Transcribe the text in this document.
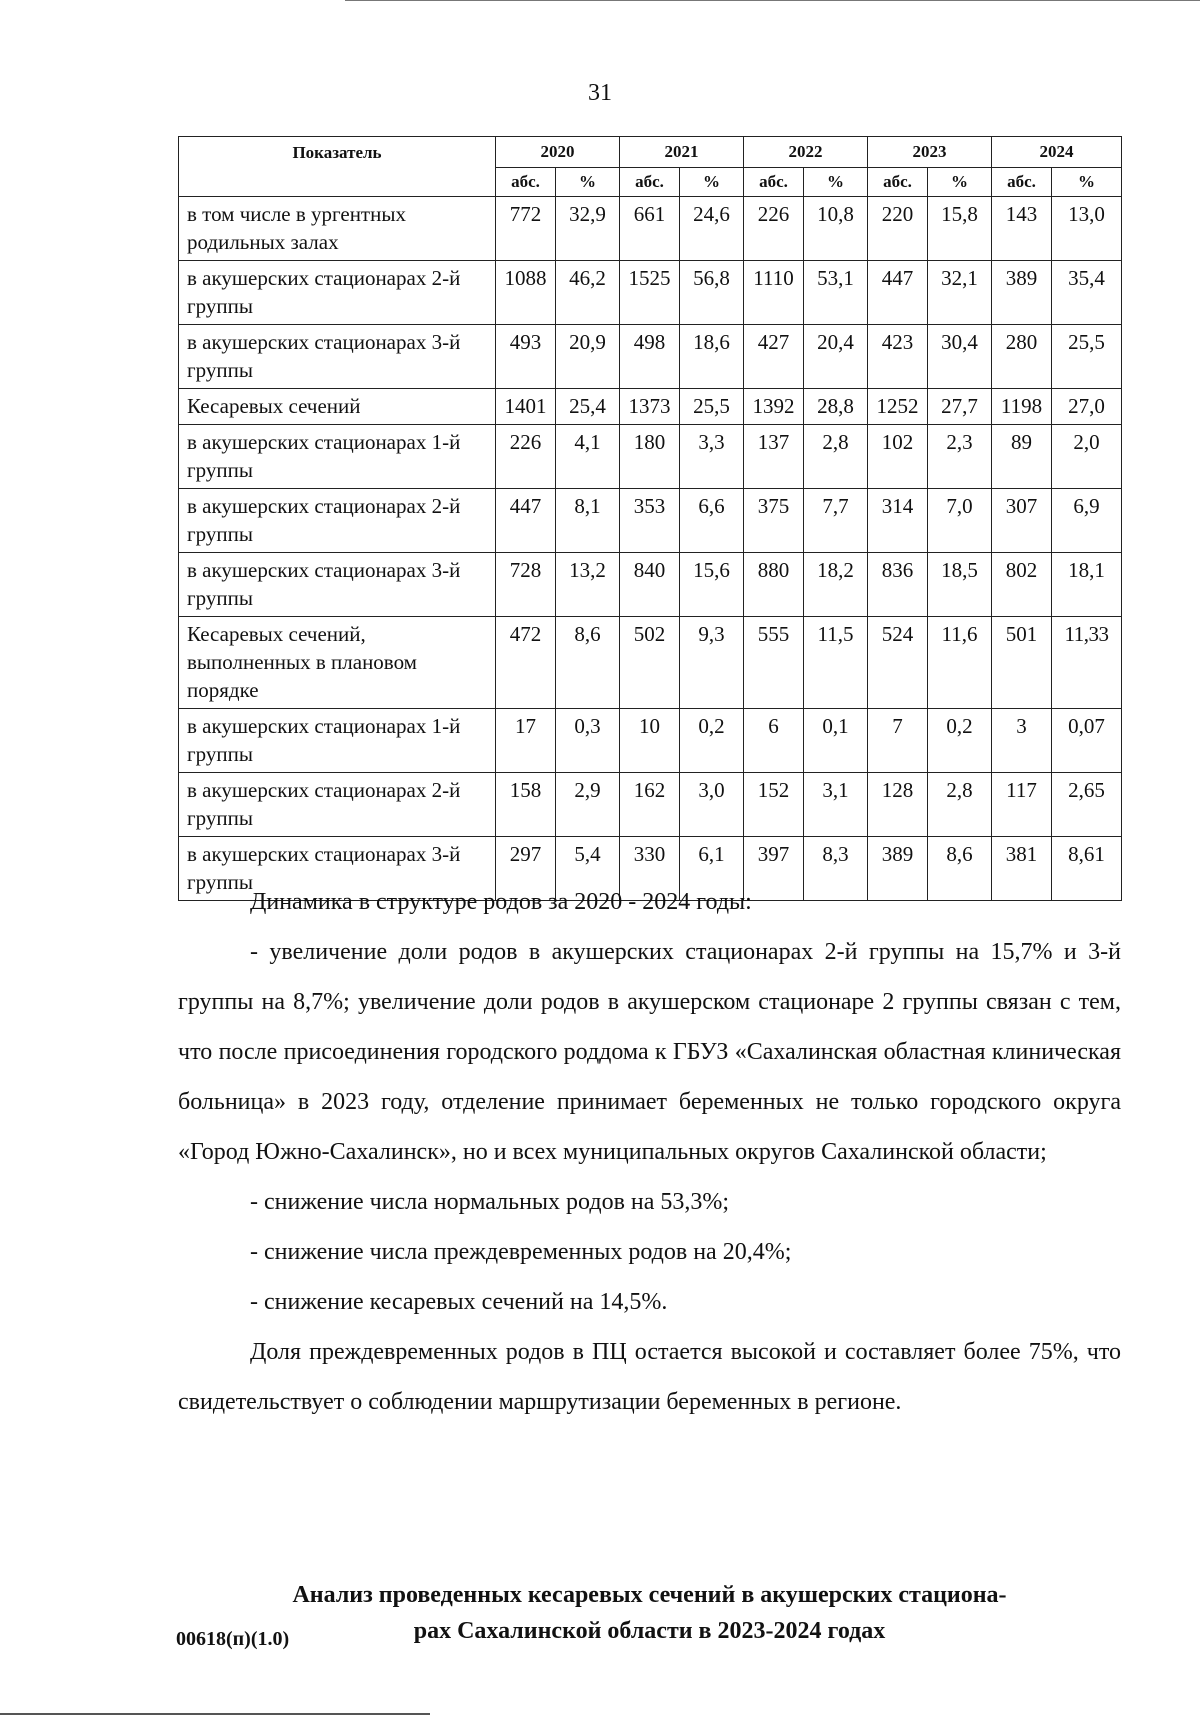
31
Показатель	2020		2021		2022		2023		2024	
	абс.	%	абс.	%	абс.	%	абс.	%	абс.	%
в том числе в ургентных родильных залах	772	32,9	661	24,6	226	10,8	220	15,8	143	13,0
в акушерских стационарах 2-й группы	1088	46,2	1525	56,8	1110	53,1	447	32,1	389	35,4
в акушерских стационарах 3-й группы	493	20,9	498	18,6	427	20,4	423	30,4	280	25,5
Кесаревых сечений	1401	25,4	1373	25,5	1392	28,8	1252	27,7	1198	27,0
в акушерских стационарах 1-й группы	226	4,1	180	3,3	137	2,8	102	2,3	89	2,0
в акушерских стационарах 2-й группы	447	8,1	353	6,6	375	7,7	314	7,0	307	6,9
в акушерских стационарах 3-й группы	728	13,2	840	15,6	880	18,2	836	18,5	802	18,1
Кесаревых сечений, выполненных в плановом порядке	472	8,6	502	9,3	555	11,5	524	11,6	501	11,33
в акушерских стационарах 1-й группы	17	0,3	10	0,2	6	0,1	7	0,2	3	0,07
в акушерских стационарах 2-й группы	158	2,9	162	3,0	152	3,1	128	2,8	117	2,65
в акушерских стационарах 3-й группы	297	5,4	330	6,1	397	8,3	389	8,6	381	8,61

Динамика в структуре родов за 2020 - 2024 годы:

- увеличение доли родов в акушерских стационарах 2-й группы на 15,7% и 3-й группы на 8,7%; увеличение доли родов в акушерском стационаре 2 группы связан с тем, что после присоединения городского роддома к ГБУЗ «Сахалинская областная клиническая больница» в 2023 году, отделение принимает беременных не только городского округа «Город Южно-Сахалинск», но и всех муниципальных округов Сахалинской области;

- снижение числа нормальных родов на 53,3%;

- снижение числа преждевременных родов на 20,4%;

- снижение кесаревых сечений на 14,5%.

Доля преждевременных родов в ПЦ остается высокой и составляет более 75%, что свидетельствует о соблюдении маршрутизации беременных в регионе.

Анализ проведенных кесаревых сечений в акушерских стациона-
рах Сахалинской области в 2023-2024 годах
00618(п)(1.0)
